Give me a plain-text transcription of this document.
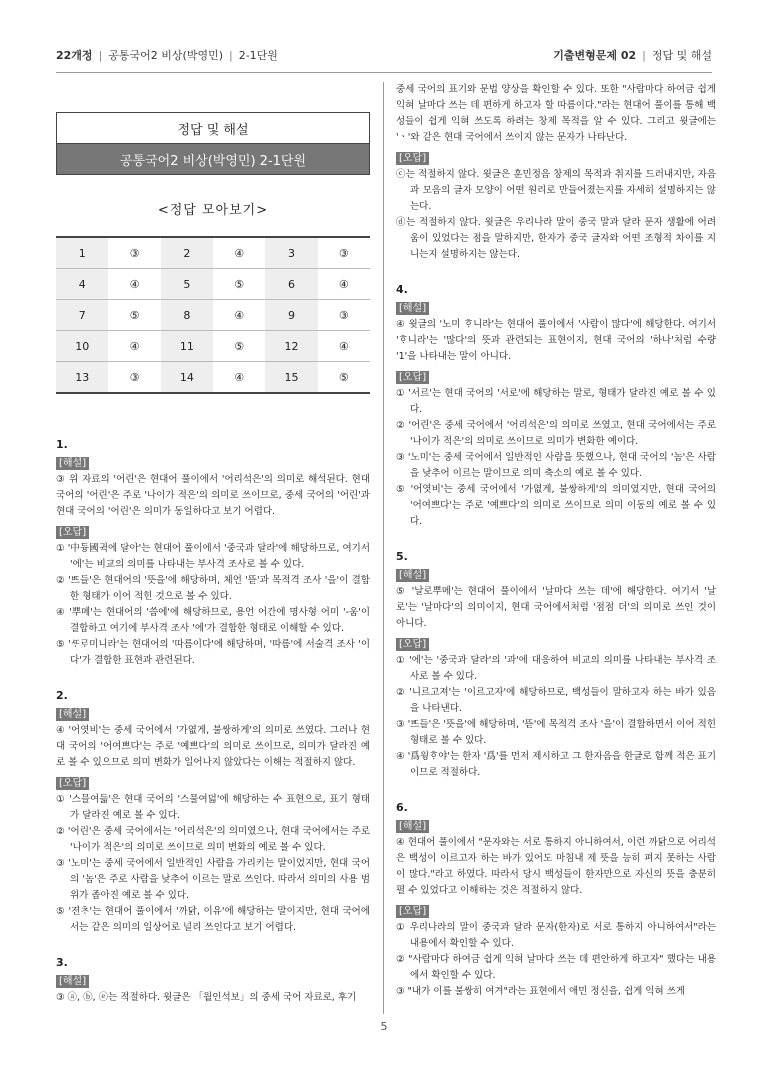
22개정 | 공통국어2 비상(박영민) | 2-1단원	기출변형문제 02 | 정답 및 해설
정답 및 해설
공통국어2 비상(박영민) 2-1단원
<정답 모아보기>
1	③	2	④	3	③
4	④	5	⑤	6	④
7	⑤	8	④	9	③
10	④	11	⑤	12	④
13	③	14	④	15	⑤
1.
[해설]
③ 위 자료의 '어린'은 현대어 풀이에서 '어리석은'의 의미로 해석된다. 현대 국어의 '어린'은 주로 '나이가 적은'의 의미로 쓰이므로, 중세 국어의 '어린'과 현대 국어의 '어린'은 의미가 동일하다고 보기 어렵다.
[오답]
① '中듕國귁에 달아'는 현대어 풀이에서 '중국과 달라'에 해당하므로, 여기서 '에'는 비교의 의미를 나타내는 부사격 조사로 볼 수 있다.
② 'ᄠᅳ들'은 현대어의 '뜻을'에 해당하며, 체언 '뜯'과 목적격 조사 '을'이 결합한 형태가 이어 적힌 것으로 볼 수 있다.
④ '뿌메'는 현대어의 '씀에'에 해당하므로, 용언 어간에 명사형 어미 '-움'이 결합하고 여기에 부사격 조사 '에'가 결합한 형태로 이해할 수 있다.
⑤ 'ᄯᆞᄅᆞ미니라'는 현대어의 '따름이다'에 해당하며, '따름'에 서술격 조사 '이다'가 결합한 표현과 관련된다.
2.
[해설]
④ '어엿비'는 중세 국어에서 '가엾게, 불쌍하게'의 의미로 쓰였다. 그러나 현대 국어의 '어여쁘다'는 주로 '예쁘다'의 의미로 쓰이므로, 의미가 달라진 예로 볼 수 있으므로 의미 변화가 일어나지 않았다는 이해는 적절하지 않다.
[오답]
① '스믈여듧'은 현대 국어의 '스물여덟'에 해당하는 수 표현으로, 표기 형태가 달라진 예로 볼 수 있다.
② '어린'은 중세 국어에서는 '어리석은'의 의미였으나, 현대 국어에서는 주로 '나이가 적은'의 의미로 쓰이므로 의미 변화의 예로 볼 수 있다.
③ '노미'는 중세 국어에서 일반적인 사람을 가리키는 말이었지만, 현대 국어의 '놈'은 주로 사람을 낮추어 이르는 말로 쓰인다. 따라서 의미의 사용 범위가 좁아진 예로 볼 수 있다.
⑤ '젼ᄎᆞ'는 현대어 풀이에서 '까닭, 이유'에 해당하는 말이지만, 현대 국어에서는 같은 의미의 일상어로 널리 쓰인다고 보기 어렵다.
3.
[해설]
③ ⓐ, ⓑ, ⓔ는 적절하다. 윗글은 「월인석보」의 중세 국어 자료로, 후기
중세 국어의 표기와 문법 양상을 확인할 수 있다. 또한 "사람마다 하여금 쉽게 익혀 날마다 쓰는 데 편하게 하고자 할 따름이다."라는 현대어 풀이를 통해 백성들이 쉽게 익혀 쓰도록 하려는 창제 목적을 알 수 있다. 그리고 윗글에는 'ㆍ'와 같은 현대 국어에서 쓰이지 않는 문자가 나타난다.
[오답]
ⓒ는 적절하지 않다. 윗글은 훈민정음 창제의 목적과 취지를 드러내지만, 자음과 모음의 글자 모양이 어떤 원리로 만들어졌는지를 자세히 설명하지는 않는다.
ⓓ는 적절하지 않다. 윗글은 우리나라 말이 중국 말과 달라 문자 생활에 어려움이 있었다는 점을 말하지만, 한자가 중국 글자와 어떤 조형적 차이를 지니는지 설명하지는 않는다.
4.
[해설]
④ 윗글의 '노미 ᄒᆞ니라'는 현대어 풀이에서 '사람이 많다'에 해당한다. 여기서 'ᄒᆞ니라'는 '많다'의 뜻과 관련되는 표현이지, 현대 국어의 '하나'처럼 수량 '1'을 나타내는 말이 아니다.
[오답]
① '서르'는 현대 국어의 '서로'에 해당하는 말로, 형태가 달라진 예로 볼 수 있다.
② '어린'은 중세 국어에서 '어리석은'의 의미로 쓰였고, 현대 국어에서는 주로 '나이가 적은'의 의미로 쓰이므로 의미가 변화한 예이다.
③ '노미'는 중세 국어에서 일반적인 사람을 뜻했으나, 현대 국어의 '놈'은 사람을 낮추어 이르는 말이므로 의미 축소의 예로 볼 수 있다.
⑤ '어엿비'는 중세 국어에서 '가엾게, 불쌍하게'의 의미였지만, 현대 국어의 '어여쁘다'는 주로 '예쁘다'의 의미로 쓰이므로 의미 이동의 예로 볼 수 있다.
5.
[해설]
⑤ '날로뿌메'는 현대어 풀이에서 '날마다 쓰는 데'에 해당한다. 여기서 '날로'는 '날마다'의 의미이지, 현대 국어에서처럼 '점점 더'의 의미로 쓰인 것이 아니다.
[오답]
① '에'는 '중국과 달라'의 '과'에 대응하여 비교의 의미를 나타내는 부사격 조사로 볼 수 있다.
② '니르고져'는 '이르고자'에 해당하므로, 백성들이 말하고자 하는 바가 있음을 나타낸다.
③ 'ᄠᅳ들'은 '뜻을'에 해당하며, '뜯'에 목적격 조사 '을'이 결합하면서 이어 적힌 형태로 볼 수 있다.
④ '爲윙ᄒᆞ야'는 한자 '爲'를 먼저 제시하고 그 한자음을 한글로 함께 적은 표기이므로 적절하다.
6.
[해설]
④ 현대어 풀이에서 "문자와는 서로 통하지 아니하여서, 이런 까닭으로 어리석은 백성이 이르고자 하는 바가 있어도 마침내 제 뜻을 능히 펴지 못하는 사람이 많다."라고 하였다. 따라서 당시 백성들이 한자만으로 자신의 뜻을 충분히 펼 수 있었다고 이해하는 것은 적절하지 않다.
[오답]
① 우리나라의 말이 중국과 달라 문자(한자)로 서로 통하지 아니하여서"라는 내용에서 확인할 수 있다.
② "사람마다 하여금 쉽게 익혀 날마다 쓰는 데 편안하게 하고자" 했다는 내용에서 확인할 수 있다.
③ "내가 이를 불쌍히 여겨"라는 표현에서 애민 정신을, 쉽게 익혀 쓰게
5
